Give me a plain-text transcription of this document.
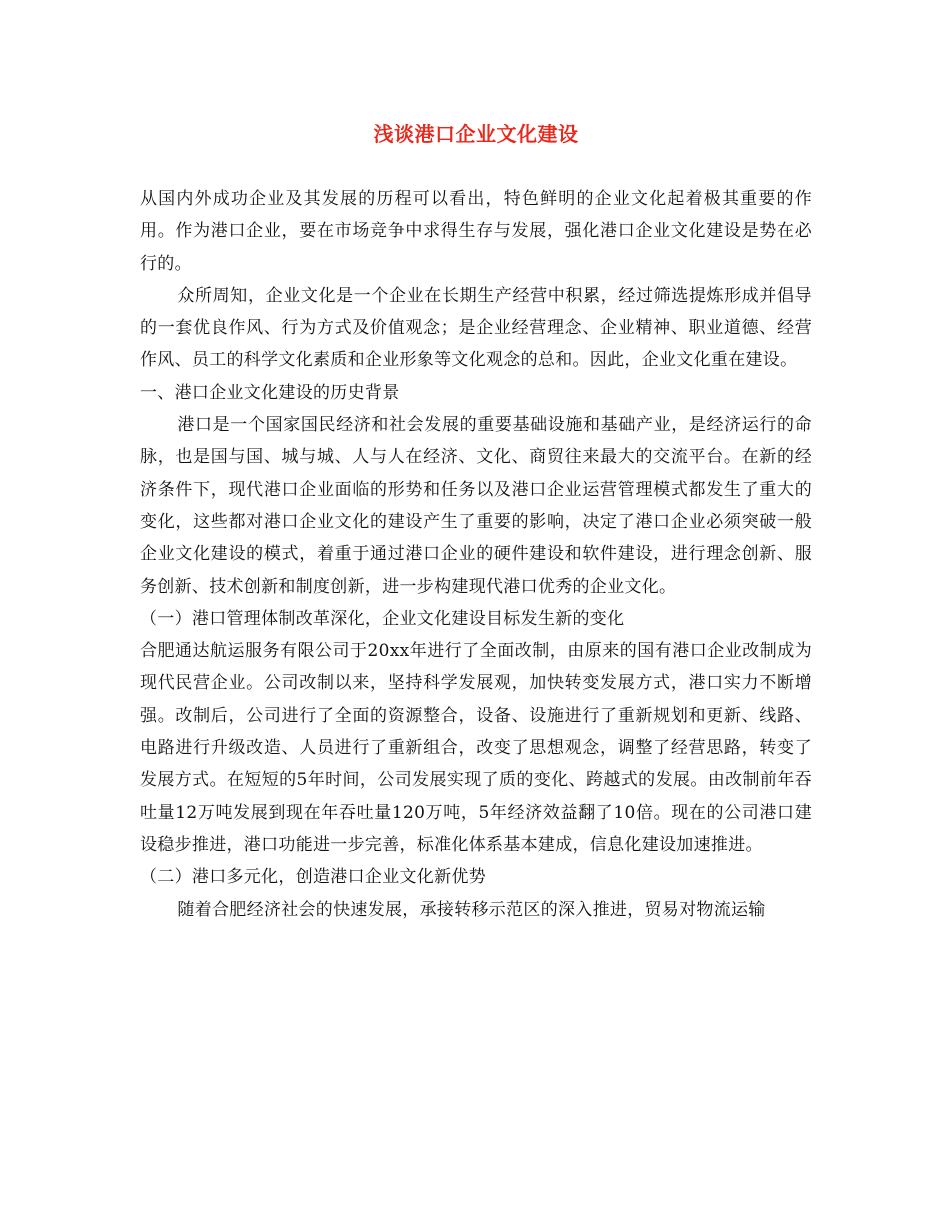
浅谈港口企业文化建设

从国内外成功企业及其发展的历程可以看出，特色鲜明的企业文化起着极其重要的作用。作为港口企业，要在市场竞争中求得生存与发展，强化港口企业文化建设是势在必行的。

众所周知，企业文化是一个企业在长期生产经营中积累，经过筛选提炼形成并倡导的一套优良作风、行为方式及价值观念；是企业经营理念、企业精神、职业道德、经营作风、员工的科学文化素质和企业形象等文化观念的总和。因此，企业文化重在建设。

一、港口企业文化建设的历史背景

港口是一个国家国民经济和社会发展的重要基础设施和基础产业，是经济运行的命脉，也是国与国、城与城、人与人在经济、文化、商贸往来最大的交流平台。在新的经济条件下，现代港口企业面临的形势和任务以及港口企业运营管理模式都发生了重大的变化，这些都对港口企业文化的建设产生了重要的影响，决定了港口企业必须突破一般企业文化建设的模式，着重于通过港口企业的硬件建设和软件建设，进行理念创新、服务创新、技术创新和制度创新，进一步构建现代港口优秀的企业文化。

（一）港口管理体制改革深化，企业文化建设目标发生新的变化

合肥通达航运服务有限公司于20xx年进行了全面改制，由原来的国有港口企业改制成为现代民营企业。公司改制以来，坚持科学发展观，加快转变发展方式，港口实力不断增强。改制后，公司进行了全面的资源整合，设备、设施进行了重新规划和更新、线路、电路进行升级改造、人员进行了重新组合，改变了思想观念，调整了经营思路，转变了发展方式。在短短的5年时间，公司发展实现了质的变化、跨越式的发展。由改制前年吞吐量12万吨发展到现在年吞吐量120万吨，5年经济效益翻了10倍。现在的公司港口建设稳步推进，港口功能进一步完善，标准化体系基本建成，信息化建设加速推进。

（二）港口多元化，创造港口企业文化新优势

随着合肥经济社会的快速发展，承接转移示范区的深入推进，贸易对物流运输
